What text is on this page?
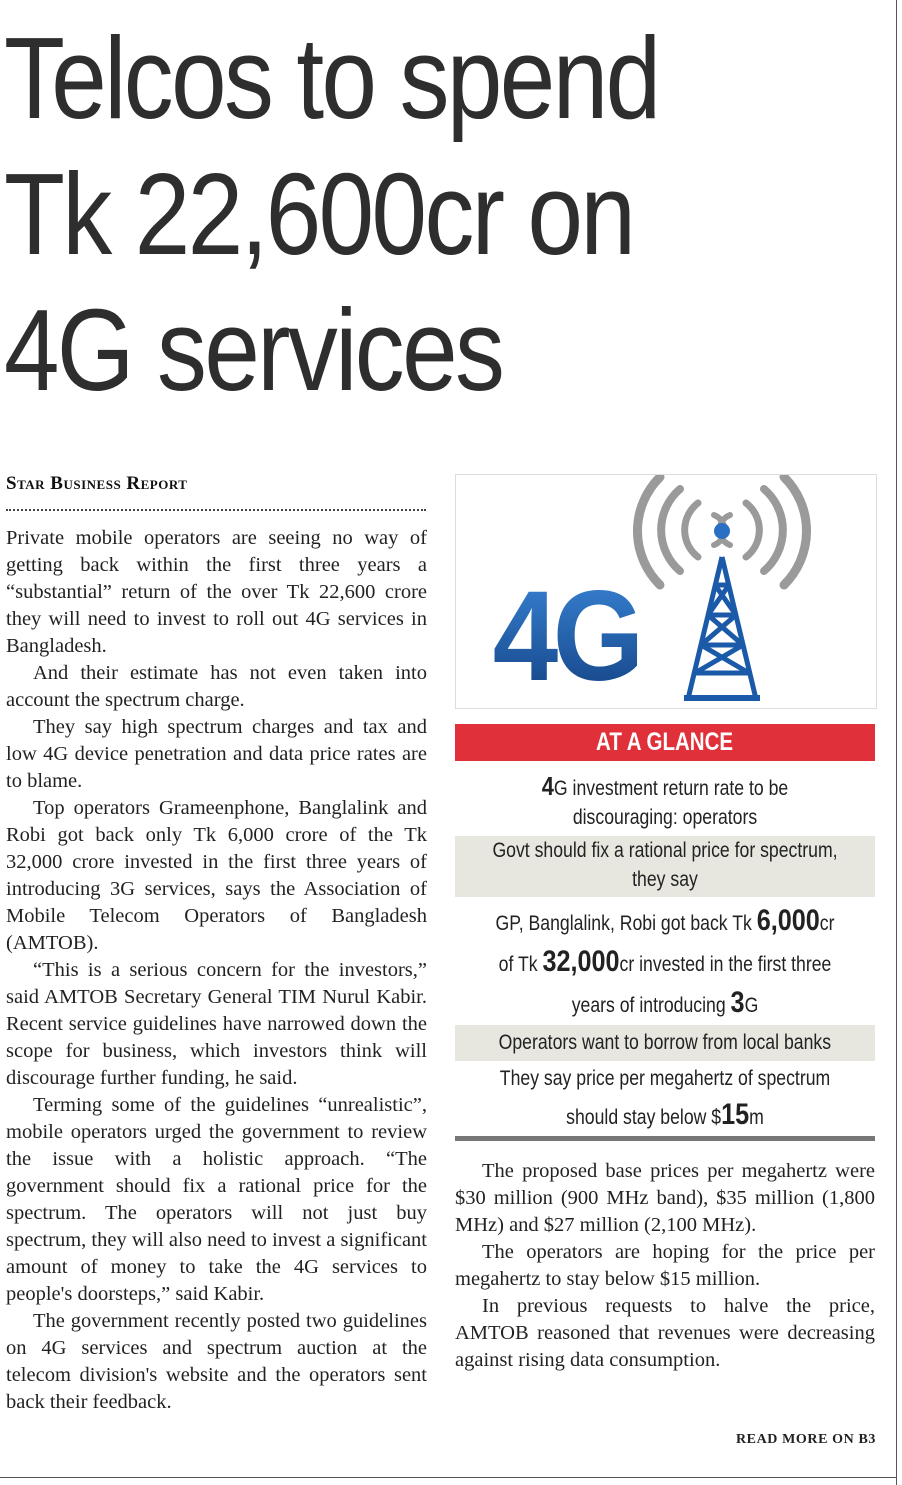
Telcos to spend
Tk 22,600cr on
4G services
Star Business Report

Private mobile operators are seeing no way of getting back within the first three years a “substantial” return of the over Tk 22,600 crore they will need to invest to roll out 4G services in Bangladesh.

And their estimate has not even taken into account the spectrum charge.

They say high spectrum charges and tax and low 4G device penetration and data price rates are to blame.

Top operators Grameenphone, Banglalink and Robi got back only Tk 6,000 crore of the Tk 32,000 crore invested in the first three years of introducing 3G services, says the Association of Mobile Telecom Operators of Bangladesh (AMTOB).

“This is a serious concern for the investors,” said AMTOB Secretary General TIM Nurul Kabir. Recent service guidelines have narrowed down the scope for business, which investors think will discourage further funding, he said.

Terming some of the guidelines “unrealistic”, mobile operators urged the government to review the issue with a holistic approach. “The government should fix a rational price for the spectrum. The operators will not just buy spectrum, they will also need to invest a significant amount of money to take the 4G services to people's doorsteps,” said Kabir.

The government recently posted two guidelines on 4G services and spectrum auction at the telecom division's website and the operators sent back their feedback.

4G
AT A GLANCE
4G investment return rate to be discouraging: operators
Govt should fix a rational price for spectrum, they say
GP, Banglalink, Robi got back Tk 6,000cr of Tk 32,000cr invested in the first three years of introducing 3G
Operators want to borrow from local banks
They say price per megahertz of spectrum should stay below $15m

The proposed base prices per megahertz were $30 million (900 MHz band), $35 million (1,800 MHz) and $27 million (2,100 MHz).

The operators are hoping for the price per megahertz to stay below $15 million.

In previous requests to halve the price, AMTOB reasoned that revenues were decreasing against rising data consumption.

READ MORE ON B3
